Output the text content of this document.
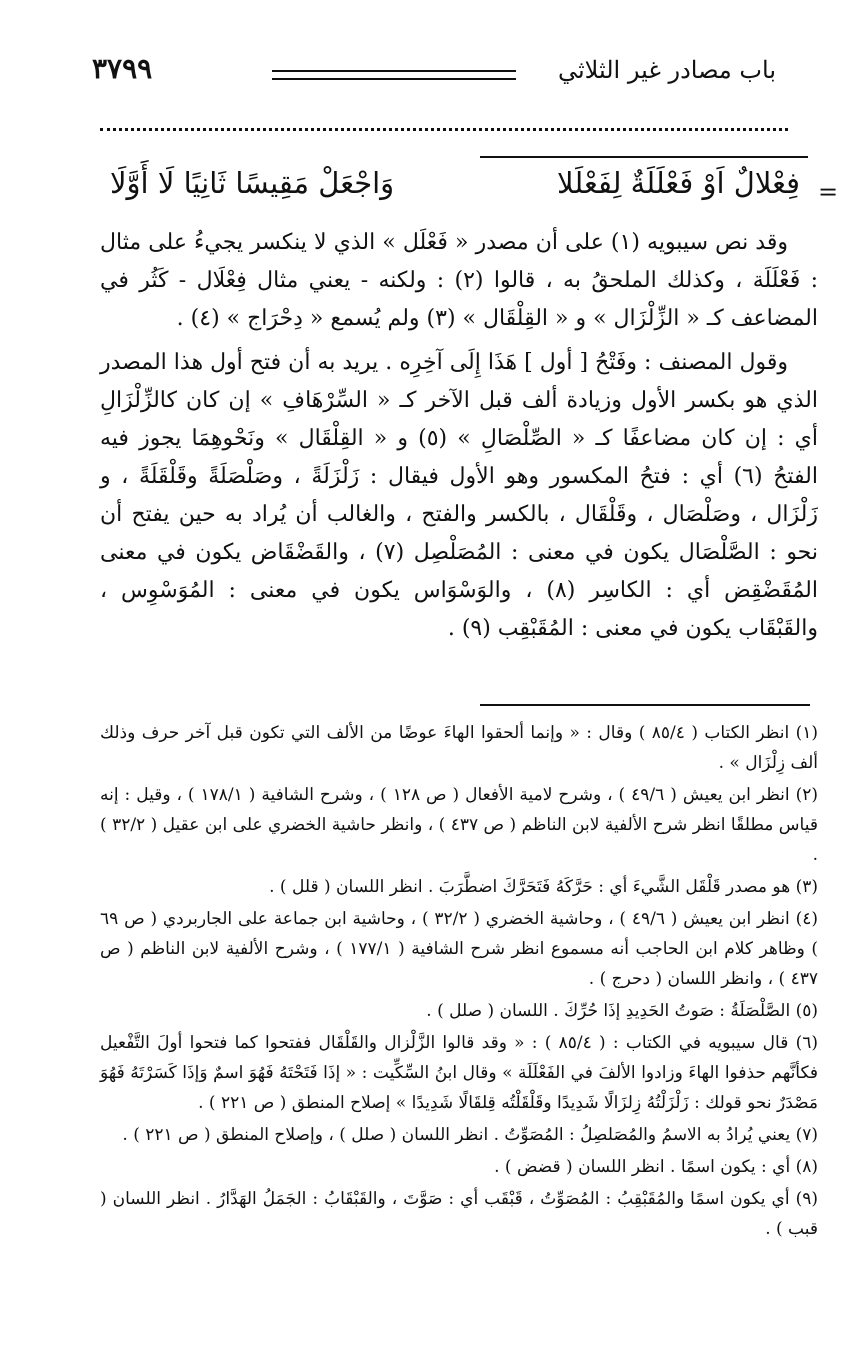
باب مصادر غير الثلاثي
٣٧٩٩
=
فِعْلالٌ اَوْ فَعْلَلَةٌ لِفَعْلَلا
وَاجْعَلْ مَقِيسًا ثَانِيًا لَا أَوَّلَا

وقد نص سيبويه (١) على أن مصدر « فَعْلَل » الذي لا ينكسر يجيءُ على مثال : فَعْلَلَة ، وكذلك الملحقُ به ، قالوا (٢) : ولكنه - يعني مثال فِعْلَال - كَثُر في المضاعف كـ « الزِّلْزَال » و « القِلْقَال » (٣) ولم يُسمع « دِحْرَاج » (٤) .

وقول المصنف : وفَتْحُ [ أول ] هَذَا إِلَى آخِرِه . يريد به أن فتح أول هذا المصدر الذي هو بكسر الأول وزيادة ألف قبل الآخر كـ « السِّرْهَافِ » إن كان كالزِّلْزَالِ أي : إن كان مضاعفًا كـ « الصِّلْصَالِ » (٥) و « القِلْقَال » ونَحْوهِمَا يجوز فيه الفتحُ (٦) أي : فتحُ المكسور وهو الأول فيقال : زَلْزَلَةً ، وصَلْصَلَةً وقَلْقَلَةً ، و زَلْزَال ، وصَلْصَال ، وقَلْقَال ، بالكسر والفتح ، والغالب أن يُراد به حين يفتح أن نحو : الصَّلْصَال يكون في معنى : المُصَلْصِل (٧) ، والقَضْقَاض يكون في معنى المُقَضْقِض أي : الكاسِر (٨) ، والوَسْوَاس يكون في معنى : المُوَسْوِس ، والقَبْقَاب يكون في معنى : المُقَبْقِب (٩) .

(١) انظر الكتاب ( ٨٥/٤ ) وقال : « وإنما ألحقوا الهاءَ عوضًا من الألف التي تكون قبل آخر حرف وذلك ألف زِلْزَال » .

(٢) انظر ابن يعيش ( ٤٩/٦ ) ، وشرح لامية الأفعال ( ص ١٢٨ ) ، وشرح الشافية ( ١٧٨/١ ) ، وقيل : إنه قياس مطلقًا انظر شرح الألفية لابن الناظم ( ص ٤٣٧ ) ، وانظر حاشية الخضري على ابن عقيل ( ٣٢/٢ ) .

(٣) هو مصدر قَلْقَل الشَّيءَ أي : حَرَّكَهُ فَتَحَرَّكَ اضطَّرَبَ . انظر اللسان ( قلل ) .

(٤) انظر ابن يعيش ( ٤٩/٦ ) ، وحاشية الخضري ( ٣٢/٢ ) ، وحاشية ابن جماعة على الجاربردي ( ص ٦٩ ) وظاهر كلام ابن الحاجب أنه مسموع انظر شرح الشافية ( ١٧٧/١ ) ، وشرح الألفية لابن الناظم ( ص ٤٣٧ ) ، وانظر اللسان ( دحرج ) .

(٥) الصَّلْصَلَةُ : صَوتُ الحَدِيدِ إذَا حُرِّكَ . اللسان ( صلل ) .

(٦) قال سيبويه في الكتاب : ( ٨٥/٤ ) : « وقد قالوا الزَّلْزال والقَلْقَال ففتحوا كما فتحوا أولَ التَّفْعيل فكأنَّهم حذفوا الهاءَ وزادوا الألفَ في الفَعْلَلَة » وقال ابنُ السِّكِّيت : « إذَا فَتَحْتَهُ فَهُوَ اسمٌ وَإذَا كَسَرْتَهُ فَهُوَ مَصْدَرٌ نحو قولك : زَلْزَلْتُهُ زِلزَالًا شَدِيدًا وقَلْقَلْتُه قِلقَالًا شَدِيدًا » إصلاح المنطق ( ص ٢٢١ ) .

(٧) يعني يُرادُ به الاسمُ والمُصَلصِلُ : المُصَوِّتُ . انظر اللسان ( صلل ) ، وإصلاح المنطق ( ص ٢٢١ ) .

(٨) أي : يكون اسمًا . انظر اللسان ( قضض ) .

(٩) أي يكون اسمًا والمُقَبْقِبُ : المُصَوِّتُ ، قَبْقَب أي : صَوَّتَ ، والقَبْقَابُ : الجَمَلُ الهَدَّارُ . انظر اللسان ( قبب ) .
